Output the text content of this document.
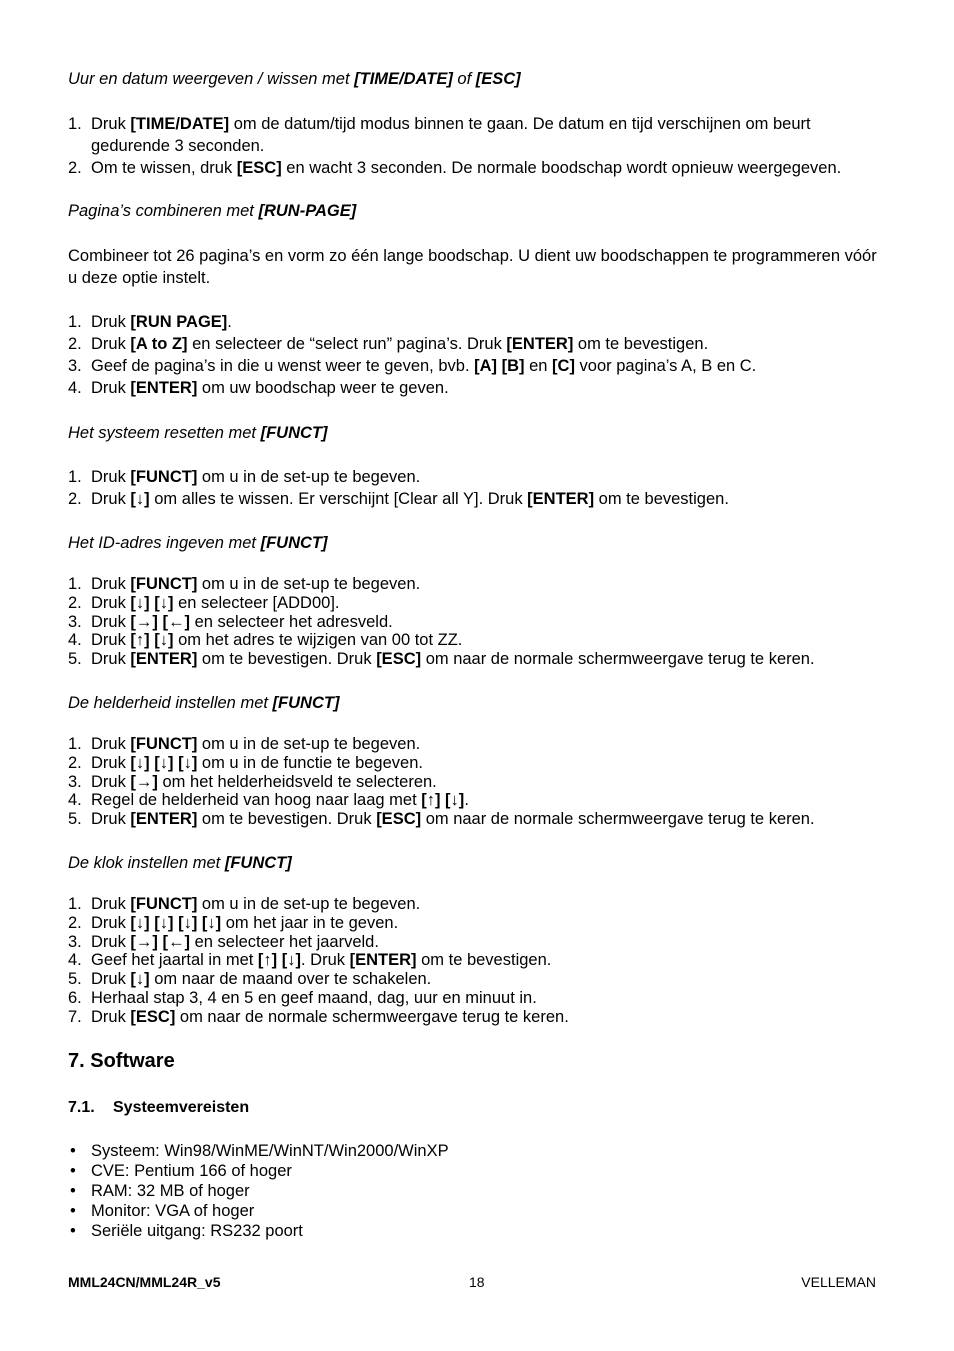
Uur en datum weergeven / wissen met [TIME/DATE] of [ESC]
1. Druk [TIME/DATE] om de datum/tijd modus binnen te gaan. De datum en tijd verschijnen om beurt gedurende 3 seconden.
2. Om te wissen, druk [ESC] en wacht 3 seconden. De normale boodschap wordt opnieuw weergegeven.
Pagina’s combineren met [RUN-PAGE]
Combineer tot 26 pagina’s en vorm zo één lange boodschap. U dient uw boodschappen te programmeren vóór u deze optie instelt.
1. Druk [RUN PAGE].
2. Druk [A to Z] en selecteer de “select run” pagina’s. Druk [ENTER] om te bevestigen.
3. Geef de pagina’s in die u wenst weer te geven, bvb. [A] [B] en [C] voor pagina’s A, B en C.
4. Druk [ENTER] om uw boodschap weer te geven.
Het systeem resetten met [FUNCT]
1. Druk [FUNCT] om u in de set-up te begeven.
2. Druk [↓] om alles te wissen. Er verschijnt [Clear all Y]. Druk [ENTER] om te bevestigen.
Het ID-adres ingeven met [FUNCT]
1. Druk [FUNCT] om u in de set-up te begeven.
2. Druk [↓] [↓] en selecteer [ADD00].
3. Druk [→] [←] en selecteer het adresveld.
4. Druk [↑] [↓] om het adres te wijzigen van 00 tot ZZ.
5. Druk [ENTER] om te bevestigen. Druk [ESC] om naar de normale schermweergave terug te keren.
De helderheid instellen met [FUNCT]
1. Druk [FUNCT] om u in de set-up te begeven.
2. Druk [↓] [↓] [↓] om u in de functie te begeven.
3. Druk [→] om het helderheidsveld te selecteren.
4. Regel de helderheid van hoog naar laag met [↑] [↓].
5. Druk [ENTER] om te bevestigen. Druk [ESC] om naar de normale schermweergave terug te keren.
De klok instellen met [FUNCT]
1. Druk [FUNCT] om u in de set-up te begeven.
2. Druk [↓] [↓] [↓] [↓] om het jaar in te geven.
3. Druk [→] [←] en selecteer het jaarveld.
4. Geef het jaartal in met [↑] [↓]. Druk [ENTER] om te bevestigen.
5. Druk [↓] om naar de maand over te schakelen.
6. Herhaal stap 3, 4 en 5 en geef maand, dag, uur en minuut in.
7. Druk [ESC] om naar de normale schermweergave terug te keren.
7. Software
7.1. Systeemvereisten
• Systeem: Win98/WinME/WinNT/Win2000/WinXP
• CVE: Pentium 166 of hoger
• RAM: 32 MB of hoger
• Monitor: VGA of hoger
• Seriële uitgang: RS232 poort
MML24CN/MML24R_v5	18	VELLEMAN
